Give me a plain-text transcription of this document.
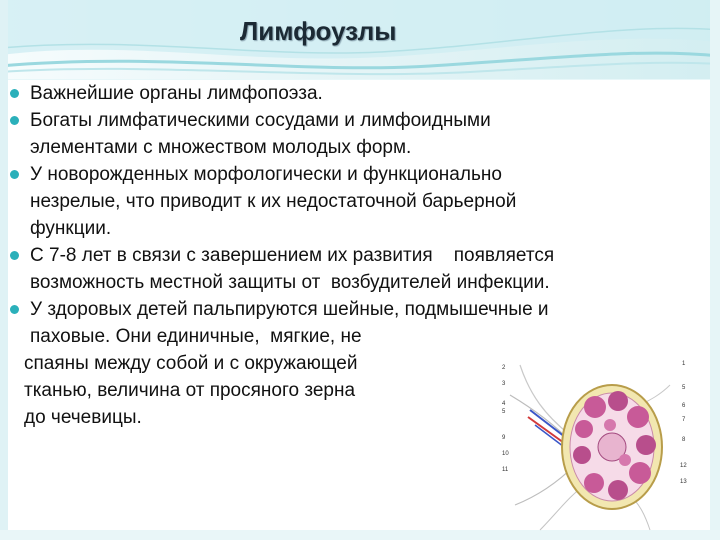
Лимфоузлы
Важнейшие органы лимфопоэза.
Богаты лимфатическими сосудами и лимфоидными
элементами с множеством молодых форм.
У новорожденных морфологически и функционально
незрелые, что приводит к их недостаточной барьерной
функции.
С 7-8 лет в связи с завершением их развития    появляется
возможность местной защиты от  возбудителей инфекции.
У здоровых детей пальпируются шейные, подмышечные и
паховые. Они единичные,  мягкие, не
спаяны между собой и с окружающей
тканью, величина от просяного зерна
до чечевицы.
2
3
4
5
9
10
11
1
5
6
7
8
12
13
